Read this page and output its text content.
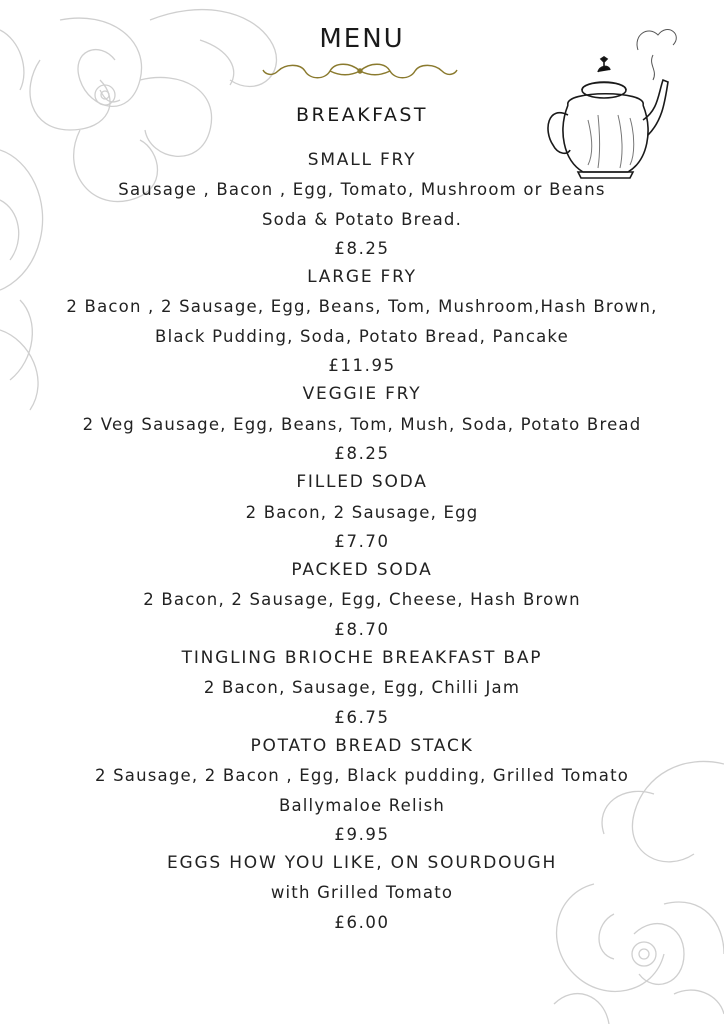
MENU
BREAKFAST
SMALL FRY
Sausage , Bacon , Egg, Tomato, Mushroom or Beans
Soda & Potato Bread.
£8.25
LARGE FRY
2 Bacon , 2 Sausage, Egg, Beans, Tom, Mushroom,Hash Brown,
Black Pudding, Soda, Potato Bread, Pancake
£11.95
VEGGIE FRY
2 Veg Sausage, Egg, Beans, Tom, Mush, Soda, Potato Bread
£8.25
FILLED SODA
2 Bacon, 2 Sausage, Egg
£7.70
PACKED SODA
2 Bacon, 2 Sausage, Egg, Cheese, Hash Brown
£8.70
TINGLING BRIOCHE BREAKFAST BAP
2 Bacon, Sausage, Egg, Chilli Jam
£6.75
POTATO BREAD STACK
2 Sausage, 2 Bacon , Egg, Black pudding, Grilled Tomato
Ballymaloe Relish
£9.95
EGGS HOW YOU LIKE, ON SOURDOUGH
with Grilled Tomato
£6.00
